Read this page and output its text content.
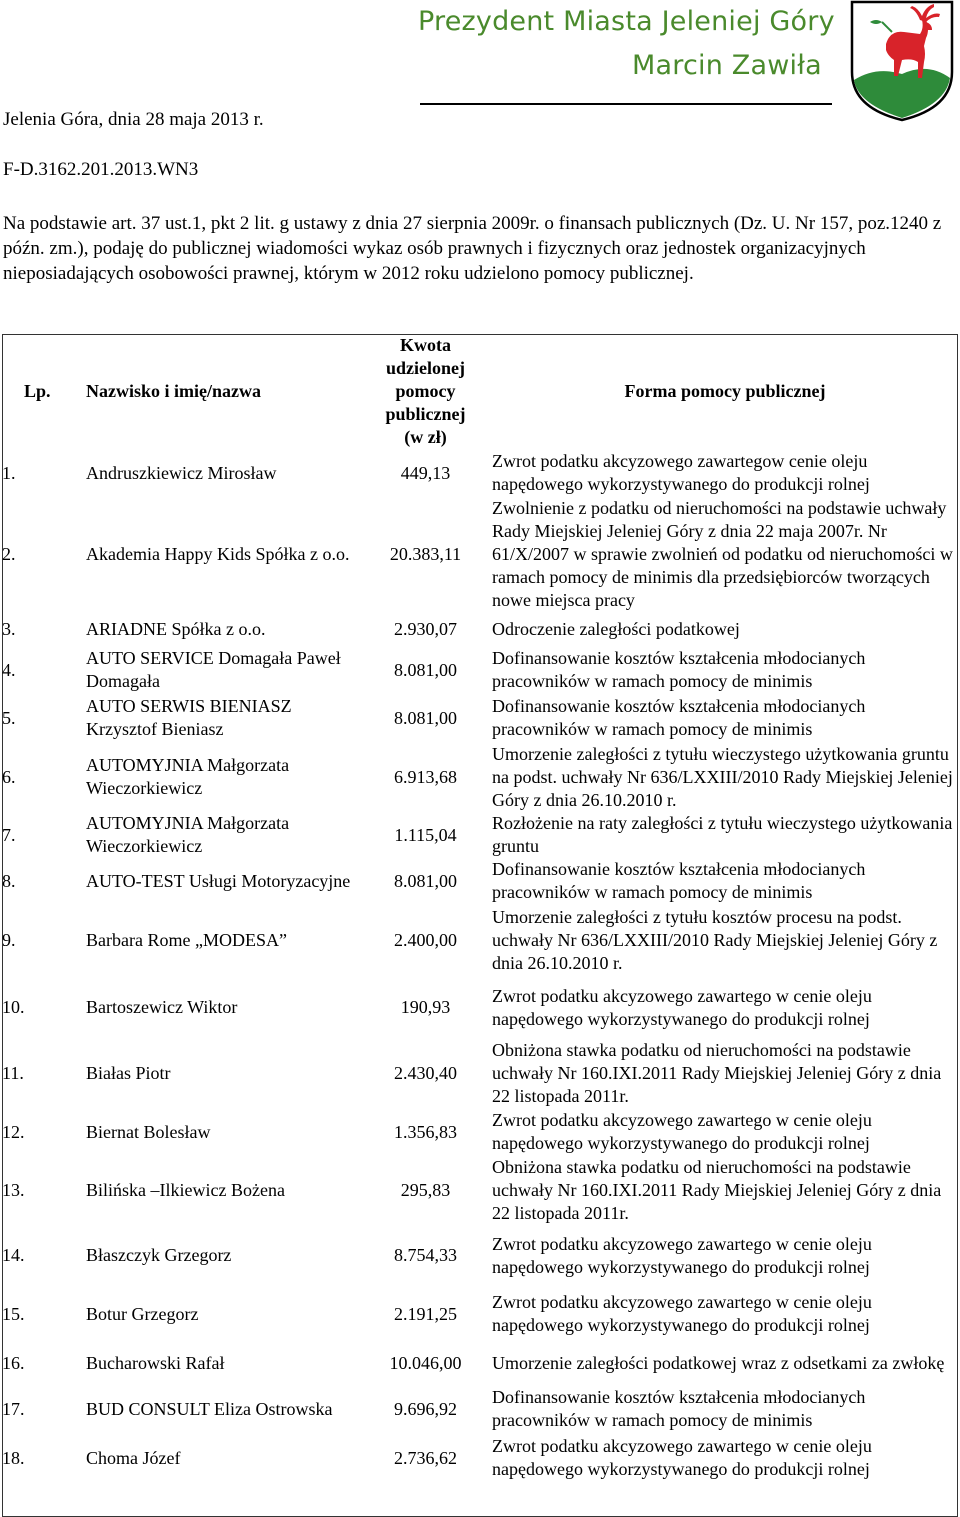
Prezydent Miasta Jeleniej Góry
Marcin Zawiła
Jelenia Góra, dnia 28 maja 2013 r.
F-D.3162.201.2013.WN3
Na podstawie art. 37 ust.1, pkt 2 lit. g ustawy z dnia 27 sierpnia 2009r. o finansach publicznych (Dz. U. Nr 157, poz.1240 z późn. zm.), podaję do publicznej wiadomości wykaz osób prawnych i fizycznych oraz jednostek organizacyjnych nieposiadających osobowości prawnej, którym w 2012 roku udzielono pomocy publicznej.
Lp.	Nazwisko i imię/nazwa	Kwota udzielonej pomocy publicznej (w zł)	Forma pomocy publicznej
1.	Andruszkiewicz Mirosław	449,13	Zwrot podatku akcyzowego zawartegow cenie oleju napędowego wykorzystywanego do produkcji rolnej
2.	Akademia Happy Kids Spółka z o.o.	20.383,11	Zwolnienie z podatku od nieruchomości na podstawie uchwały Rady Miejskiej Jeleniej Góry z dnia 22 maja 2007r. Nr 61/X/2007 w sprawie zwolnień od podatku od nieruchomości w ramach pomocy de minimis dla przedsiębiorców tworzących nowe miejsca pracy
3.	ARIADNE Spółka z o.o.	2.930,07	Odroczenie zaległości podatkowej
4.	AUTO SERVICE Domagała Paweł Domagała	8.081,00	Dofinansowanie kosztów kształcenia młodocianych pracowników w ramach pomocy de minimis
5.	AUTO SERWIS BIENIASZ Krzysztof Bieniasz	8.081,00	Dofinansowanie kosztów kształcenia młodocianych pracowników w ramach pomocy de minimis
6.	AUTOMYJNIA Małgorzata Wieczorkiewicz	6.913,68	Umorzenie zaległości z tytułu wieczystego użytkowania gruntu na podst. uchwały Nr 636/LXXIII/2010 Rady Miejskiej Jeleniej Góry z dnia 26.10.2010 r.
7.	AUTOMYJNIA Małgorzata Wieczorkiewicz	1.115,04	Rozłożenie na raty zaległości z tytułu wieczystego użytkowania gruntu
8.	AUTO-TEST Usługi Motoryzacyjne	8.081,00	Dofinansowanie kosztów kształcenia młodocianych pracowników w ramach pomocy de minimis
9.	Barbara Rome „MODESA”	2.400,00	Umorzenie zaległości z tytułu kosztów procesu na podst. uchwały Nr 636/LXXIII/2010 Rady Miejskiej Jeleniej Góry z dnia 26.10.2010 r.
10.	Bartoszewicz Wiktor	190,93	Zwrot podatku akcyzowego zawartego w cenie oleju napędowego wykorzystywanego do produkcji rolnej
11.	Białas Piotr	2.430,40	Obniżona stawka podatku od nieruchomości na podstawie uchwały Nr 160.IXI.2011 Rady Miejskiej Jeleniej Góry z dnia 22 listopada 2011r.
12.	Biernat Bolesław	1.356,83	Zwrot podatku akcyzowego zawartego w cenie oleju napędowego wykorzystywanego do produkcji rolnej
13.	Bilińska –Ilkiewicz Bożena	295,83	Obniżona stawka podatku od nieruchomości na podstawie uchwały Nr 160.IXI.2011 Rady Miejskiej Jeleniej Góry z dnia 22 listopada 2011r.
14.	Błaszczyk Grzegorz	8.754,33	Zwrot podatku akcyzowego zawartego w cenie oleju napędowego wykorzystywanego do produkcji rolnej
15.	Botur Grzegorz	2.191,25	Zwrot podatku akcyzowego zawartego w cenie oleju napędowego wykorzystywanego do produkcji rolnej
16.	Bucharowski Rafał	10.046,00	Umorzenie zaległości podatkowej wraz z odsetkami za zwłokę
17.	BUD CONSULT Eliza Ostrowska	9.696,92	Dofinansowanie kosztów kształcenia młodocianych pracowników w ramach pomocy de minimis
18.	Choma Józef	2.736,62	Zwrot podatku akcyzowego zawartego w cenie oleju napędowego wykorzystywanego do produkcji rolnej
